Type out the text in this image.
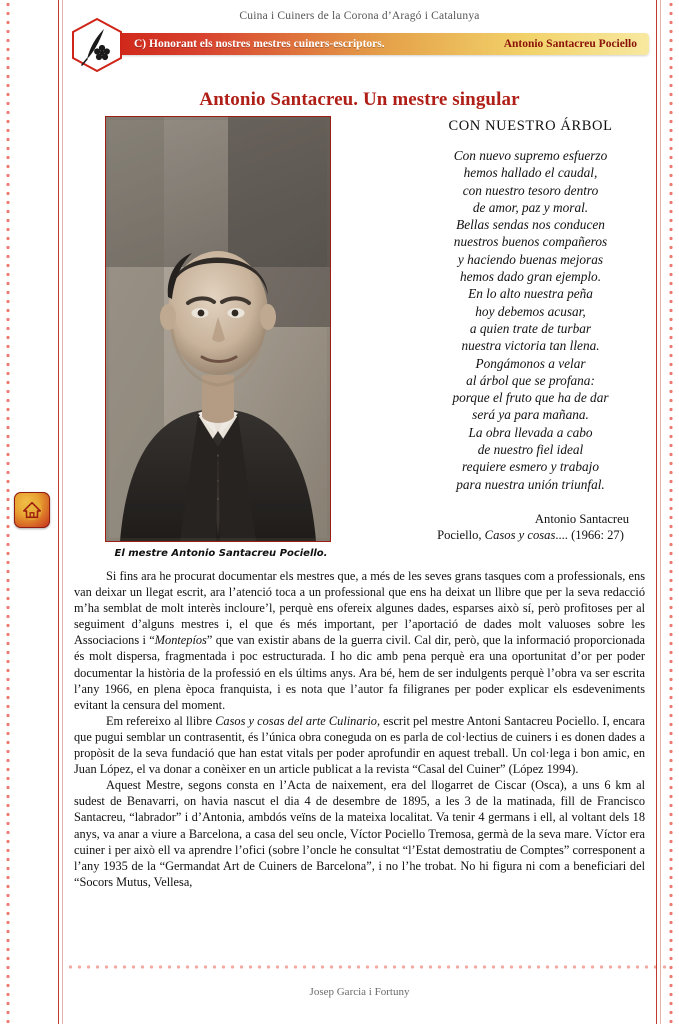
Cuina i Cuiners de la Corona d’Aragó i Catalunya
C) Honorant els nostres mestres cuiners-escriptors.	Antonio Santacreu Pociello
Antonio Santacreu. Un mestre singular
El mestre Antonio Santacreu Pociello.
CON NUESTRO ÁRBOL
Con nuevo supremo esfuerzo
hemos hallado el caudal,
con nuestro tesoro dentro
de amor, paz y moral.
Bellas sendas nos conducen
nuestros buenos compañeros
y haciendo buenas mejoras
hemos dado gran ejemplo.
En lo alto nuestra peña
hoy debemos acusar,
a quien trate de turbar
nuestra victoria tan llena.
Pongámonos a velar
al árbol que se profana:
porque el fruto que ha de dar
será ya para mañana.
La obra llevada a cabo
de nuestro fiel ideal
requiere esmero y trabajo
para nuestra unión triunfal.
Antonio Santacreu
Pociello, Casos y cosas.... (1966: 27)

Si fins ara he procurat documentar els mestres que, a més de les seves grans tasques com a professionals, ens van deixar un llegat escrit, ara l’atenció toca a un professional que ens ha deixat un llibre que per la seva redacció m’ha semblat de molt interès incloure’l, perquè ens ofereix algunes dades, esparses això sí, però profitoses per al seguiment d’alguns mestres i, el que és més important, per l’aportació de dades molt valuoses sobre les Associacions i “Montepíos” que van existir abans de la guerra civil. Cal dir, però, que la informació proporcionada és molt dispersa, fragmentada i poc estructurada. I ho dic amb pena perquè era una oportunitat d’or per poder documentar la història de la professió en els últims anys. Ara bé, hem de ser indulgents perquè l’obra va ser escrita l’any 1966, en plena època franquista, i es nota que l’autor fa filigranes per poder explicar els esdeveniments evitant la censura del moment.

Em refereixo al llibre Casos y cosas del arte Culinario, escrit pel mestre Antoni Santacreu Pociello. I, encara que pugui semblar un contrasentit, és l’única obra coneguda on es parla de col·lectius de cuiners i es donen dades a propòsit de la seva fundació que han estat vitals per poder aprofundir en aquest treball. Un col·lega i bon amic, en Juan López, el va donar a conèixer en un article publicat a la revista “Casal del Cuiner” (López 1994).

Aquest Mestre, segons consta en l’Acta de naixement, era del llogarret de Ciscar (Osca), a uns 6 km al sudest de Benavarri, on havia nascut el dia 4 de desembre de 1895, a les 3 de la matinada, fill de Francisco Santacreu, “labrador” i d’Antonia, ambdós veïns de la mateixa localitat. Va tenir 4 germans i ell, al voltant dels 18 anys, va anar a viure a Barcelona, a casa del seu oncle, Víctor Pociello Tremosa, germà de la seva mare. Víctor era cuiner i per això ell va aprendre l’ofici (sobre l’oncle he consultat “l’Estat demostratiu de Comptes” corresponent a l’any 1935 de la “Germandat Art de Cuiners de Barcelona”, i no l’he trobat. No hi figura ni com a beneficiari del “Socors Mutus, Vellesa,

Josep Garcia i Fortuny
